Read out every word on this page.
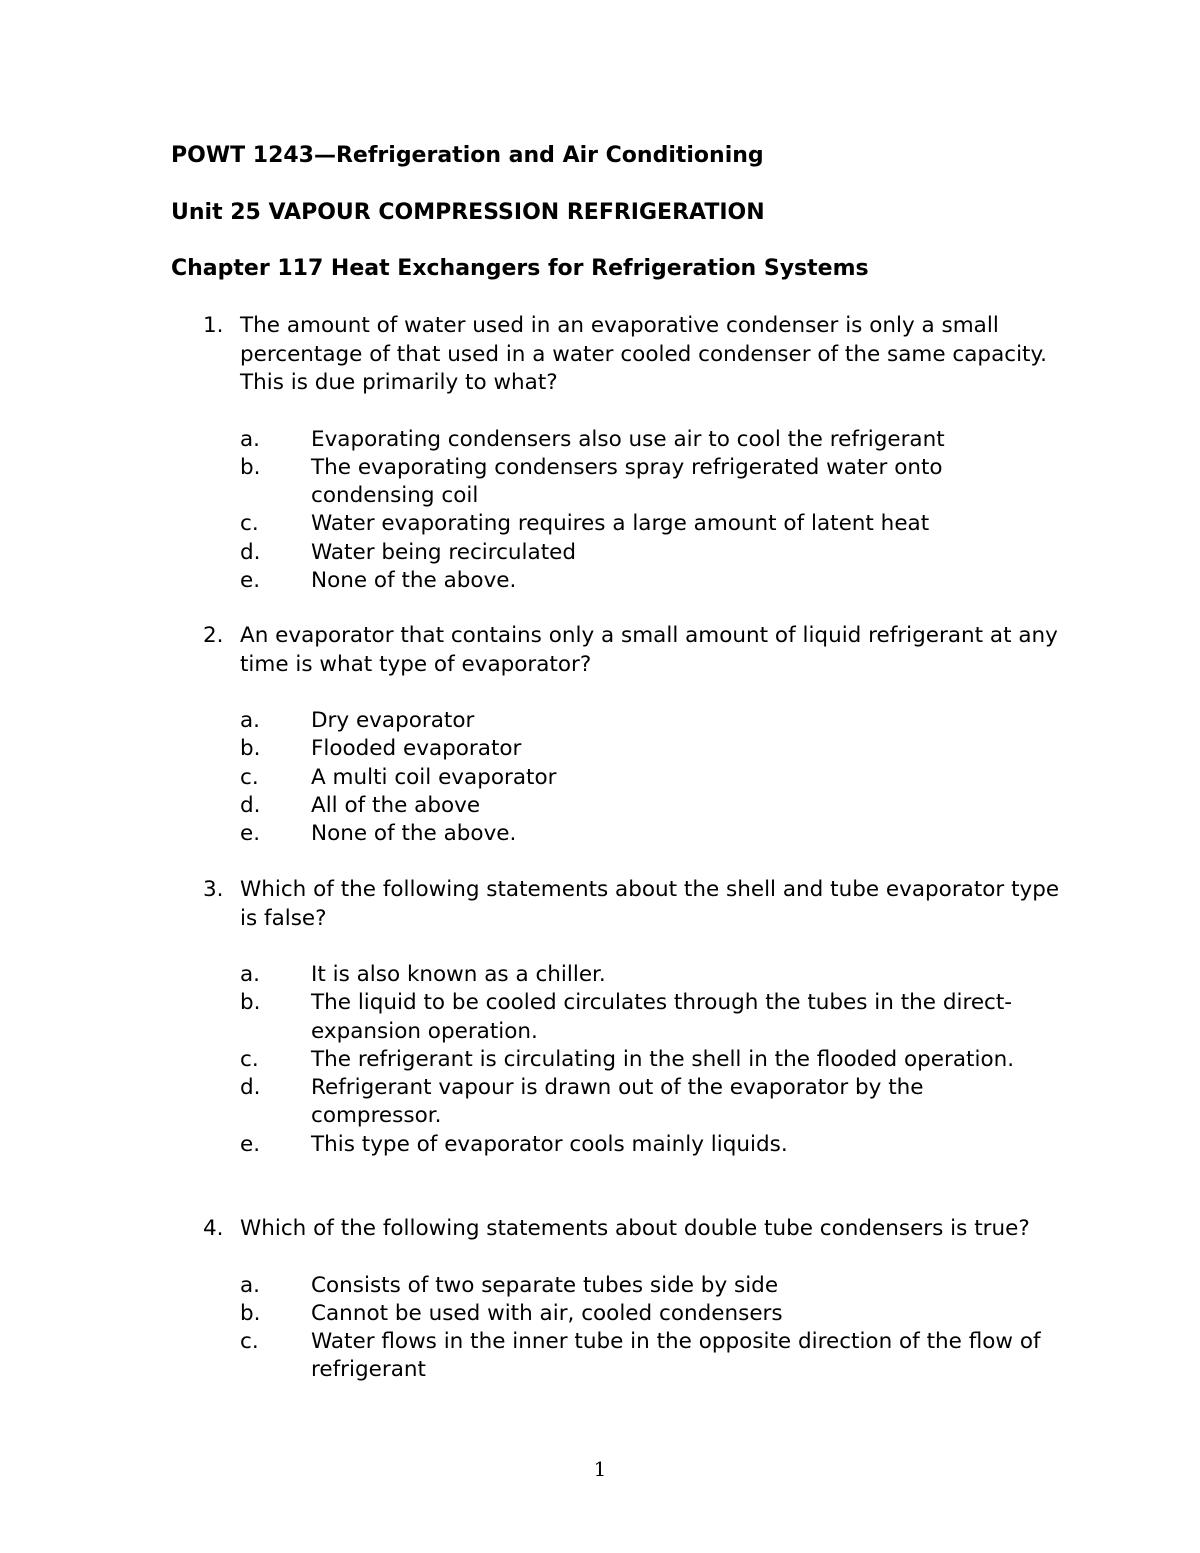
POWT 1243—Refrigeration and Air Conditioning

Unit 25 VAPOUR COMPRESSION REFRIGERATION

Chapter 117 Heat Exchangers for Refrigeration Systems

1. The amount of water used in an evaporative condenser is only a small percentage of that used in a water cooled condenser of the same capacity. This is due primarily to what?
a. Evaporating condensers also use air to cool the refrigerant
b. The evaporating condensers spray refrigerated water onto condensing coil
c. Water evaporating requires a large amount of latent heat
d. Water being recirculated
e. None of the above.
2. An evaporator that contains only a small amount of liquid refrigerant at any time is what type of evaporator?
a. Dry evaporator
b. Flooded evaporator
c. A multi coil evaporator
d. All of the above
e. None of the above.
3. Which of the following statements about the shell and tube evaporator type is false?
a. It is also known as a chiller.
b. The liquid to be cooled circulates through the tubes in the direct-expansion operation.
c. The refrigerant is circulating in the shell in the flooded operation.
d. Refrigerant vapour is drawn out of the evaporator by the compressor.
e. This type of evaporator cools mainly liquids.
4. Which of the following statements about double tube condensers is true?
a. Consists of two separate tubes side by side
b. Cannot be used with air, cooled condensers
c. Water flows in the inner tube in the opposite direction of the flow of refrigerant
1
